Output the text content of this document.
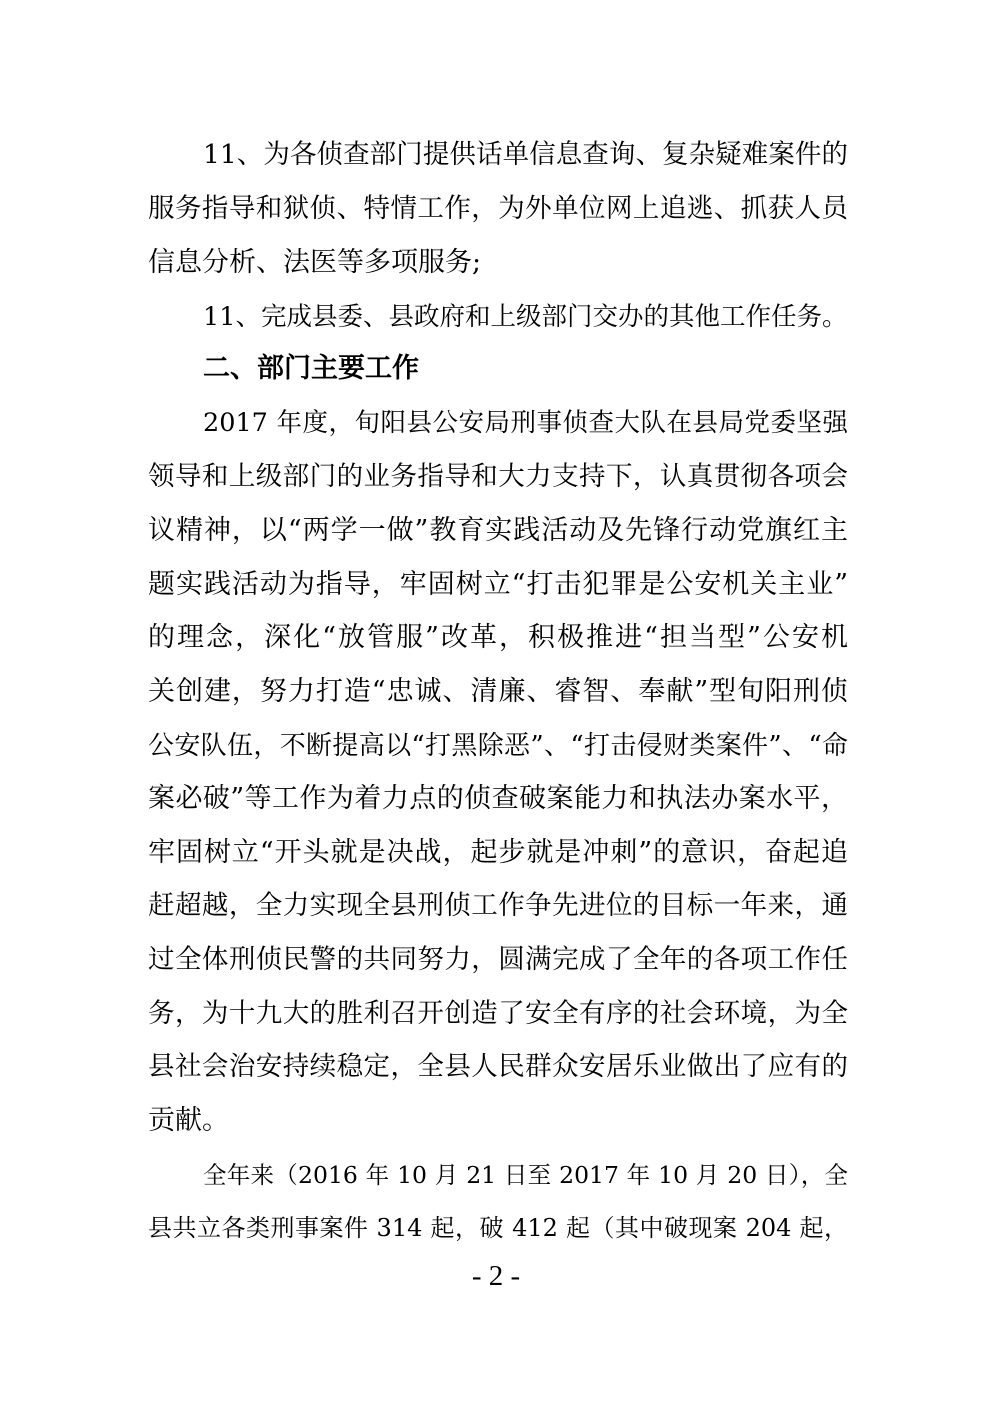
11、为各侦查部门提供话单信息查询、复杂疑难案件的
服务指导和狱侦、特情工作，为外单位网上追逃、抓获人员
信息分析、法医等多项服务;
11、完成县委、县政府和上级部门交办的其他工作任务。
二、部门主要工作
2017 年度，旬阳县公安局刑事侦查大队在县局党委坚强
领导和上级部门的业务指导和大力支持下，认真贯彻各项会
议精神，以“两学一做”教育实践活动及先锋行动党旗红主
题实践活动为指导，牢固树立“打击犯罪是公安机关主业”
的理念，深化“放管服”改革，积极推进“担当型”公安机
关创建，努力打造“忠诚、清廉、睿智、奉献”型旬阳刑侦
公安队伍，不断提高以“打黑除恶”、“打击侵财类案件”、“命
案必破”等工作为着力点的侦查破案能力和执法办案水平，
牢固树立“开头就是决战，起步就是冲刺”的意识，奋起追
赶超越，全力实现全县刑侦工作争先进位的目标一年来，通
过全体刑侦民警的共同努力，圆满完成了全年的各项工作任
务，为十九大的胜利召开创造了安全有序的社会环境，为全
县社会治安持续稳定，全县人民群众安居乐业做出了应有的
贡献。
全年来（2016 年 10 月 21 日至 2017 年 10 月 20 日），全
县共立各类刑事案件 314 起，破 412 起（其中破现案 204 起，
- 2 -
